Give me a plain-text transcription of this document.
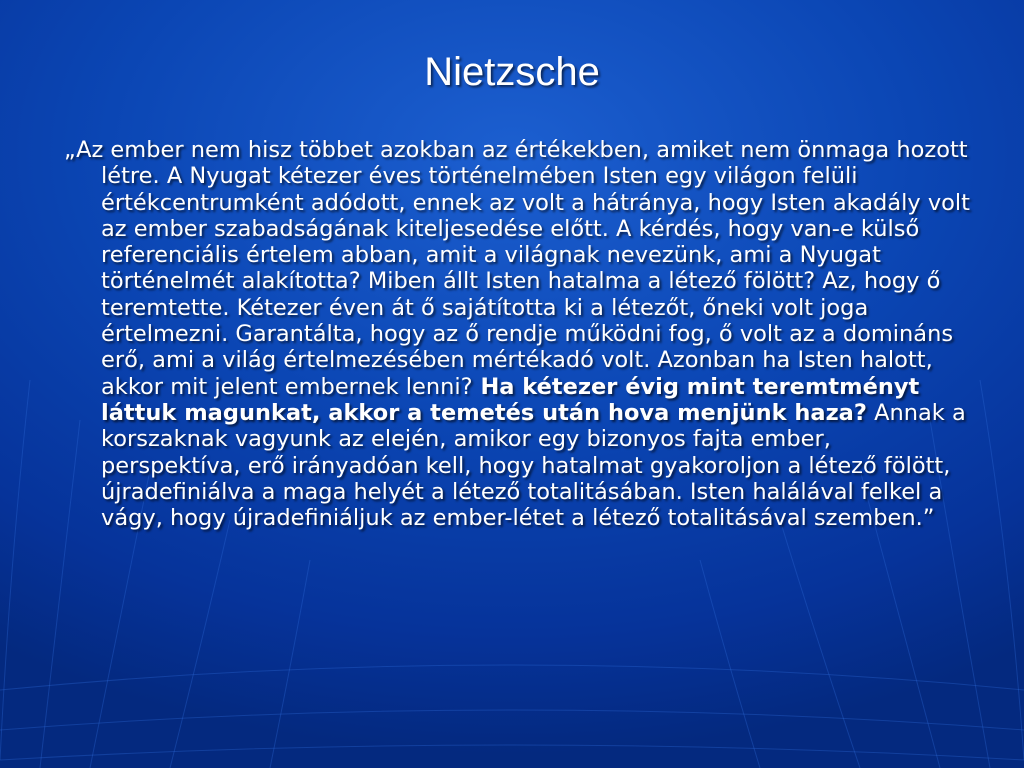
Nietzsche

„Az ember nem hisz többet azokban az értékekben, amiket nem önmaga hozott létre. A Nyugat kétezer éves történelmében Isten egy világon felüli értékcentrumként adódott, ennek az volt a hátránya, hogy Isten akadály volt az ember szabadságának kiteljesedése előtt. A kérdés, hogy van-e külső referenciális értelem abban, amit a világnak nevezünk, ami a Nyugat történelmét alakította? Miben állt Isten hatalma a létező fölött? Az, hogy ő teremtette. Kétezer éven át ő sajátította ki a létezőt, őneki volt joga értelmezni. Garantálta, hogy az ő rendje működni fog, ő volt az a domináns erő, ami a világ értelmezésében mértékadó volt. Azonban ha Isten halott, akkor mit jelent embernek lenni? Ha kétezer évig mint teremtményt láttuk magunkat, akkor a temetés után hova menjünk haza? Annak a korszaknak vagyunk az elején, amikor egy bizonyos fajta ember, perspektíva, erő irányadóan kell, hogy hatalmat gyakoroljon a létező fölött, újradefiniálva a maga helyét a létező totalitásában. Isten halálával felkel a vágy, hogy újradefiniáljuk az ember-létet a létező totalitásával szemben.”
